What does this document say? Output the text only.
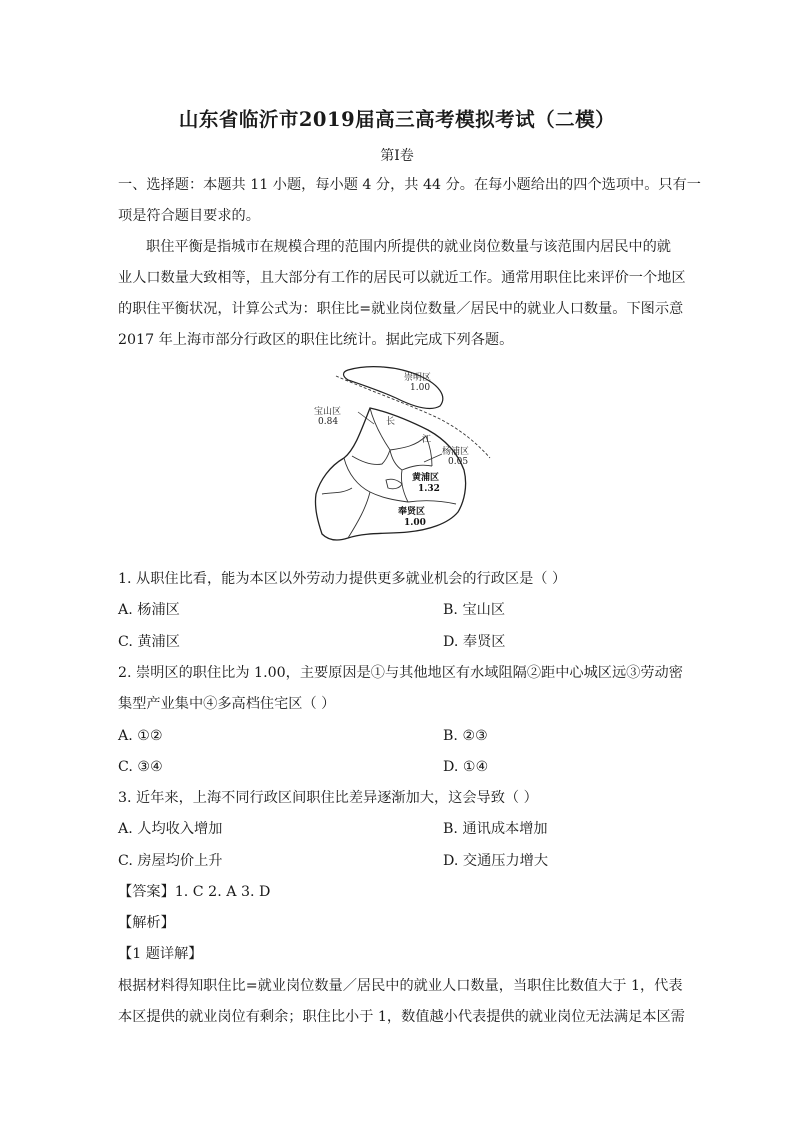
山东省临沂市2019届高三高考模拟考试（二模）
第Ⅰ卷
一、选择题：本题共 11 小题，每小题 4 分，共 44 分。在每小题给出的四个选项中。只有一
项是符合题目要求的。
职住平衡是指城市在规模合理的范围内所提供的就业岗位数量与该范围内居民中的就
业人口数量大致相等，且大部分有工作的居民可以就近工作。通常用职住比来评价一个地区
的职住平衡状况，计算公式为：职住比=就业岗位数量／居民中的就业人口数量。下图示意
2017 年上海市部分行政区的职住比统计。据此完成下列各题。
崇明区
1.00
宝山区
0.84	长
江
杨浦区
0.05
黄浦区
1.32
奉贤区
1.00
1. 从职住比看，能为本区以外劳动力提供更多就业机会的行政区是（ ）
A. 杨浦区	B. 宝山区
C. 黄浦区	D. 奉贤区
2. 崇明区的职住比为 1.00，主要原因是①与其他地区有水域阻隔②距中心城区远③劳动密
集型产业集中④多高档住宅区（ ）
A. ①②	B. ②③
C. ③④	D. ①④
3. 近年来，上海不同行政区间职住比差异逐渐加大，这会导致（ ）
A. 人均收入增加	B. 通讯成本增加
C. 房屋均价上升	D. 交通压力增大
【答案】1. C 2. A 3. D
【解析】
【1 题详解】
根据材料得知职住比=就业岗位数量／居民中的就业人口数量，当职住比数值大于 1，代表
本区提供的就业岗位有剩余；职住比小于 1，数值越小代表提供的就业岗位无法满足本区需
